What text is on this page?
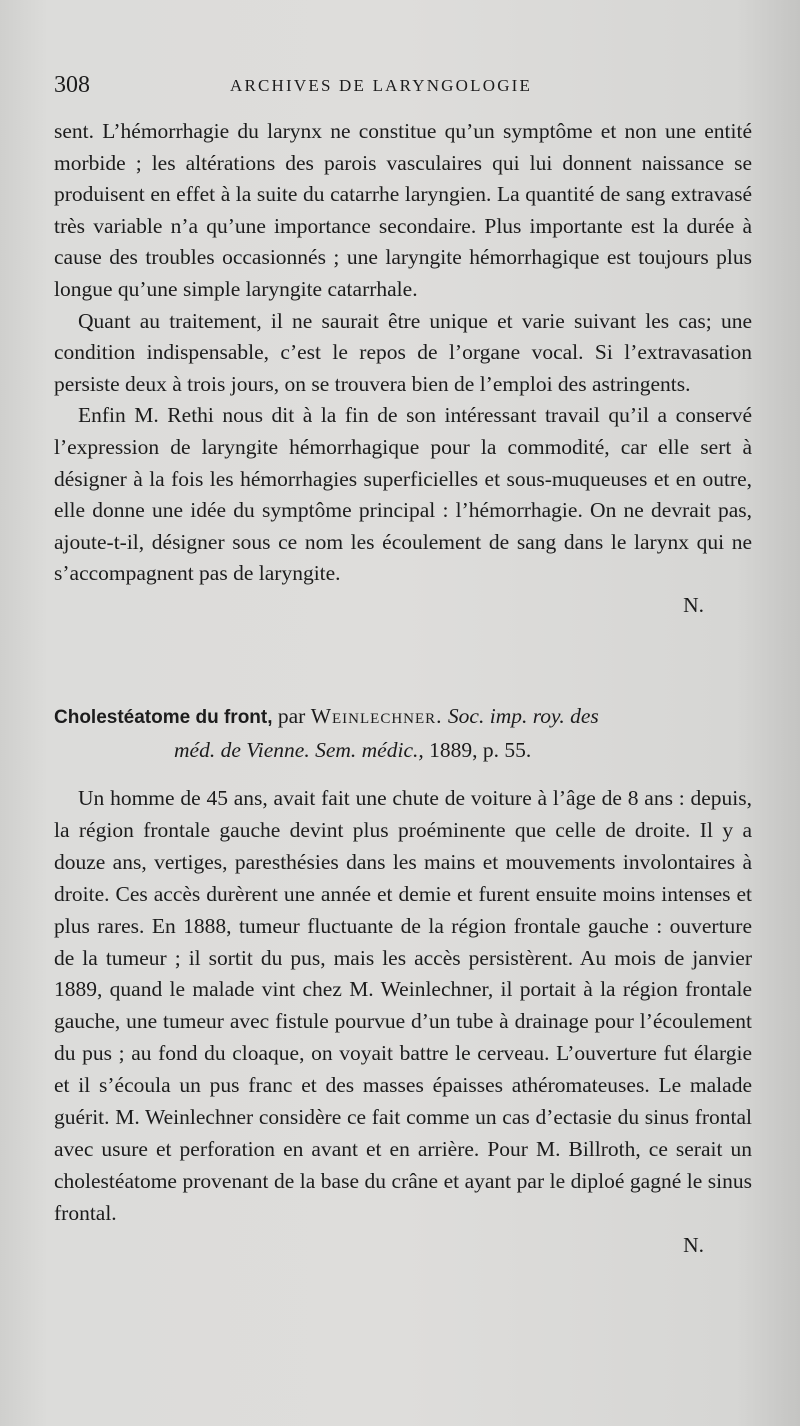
308	ARCHIVES DE LARYNGOLOGIE

sent. L’hémorrhagie du larynx ne constitue qu’un symptôme et non une entité morbide ; les altérations des parois vasculaires qui lui donnent naissance se produisent en effet à la suite du catarrhe laryngien. La quantité de sang extravasé très variable n’a qu’une importance secondaire. Plus importante est la durée à cause des troubles occasionnés ; une laryngite hémorrhagique est toujours plus longue qu’une simple laryngite catarrhale.

Quant au traitement, il ne saurait être unique et varie suivant les cas; une condition indispensable, c’est le repos de l’organe vocal. Si l’extravasation persiste deux à trois jours, on se trouvera bien de l’emploi des astringents.

Enfin M. Rethi nous dit à la fin de son intéressant travail qu’il a conservé l’expression de laryngite hémorrhagique pour la commodité, car elle sert à désigner à la fois les hémorrhagies superficielles et sous-muqueuses et en outre, elle donne une idée du symptôme principal : l’hémorrhagie. On ne devrait pas, ajoute-t-il, désigner sous ce nom les écoulement de sang dans le larynx qui ne s’accompagnent pas de laryngite.

N.

Cholestéatome du front, par Weinlechner. Soc. imp. roy. des
méd. de Vienne. Sem. médic., 1889, p. 55.

Un homme de 45 ans, avait fait une chute de voiture à l’âge de 8 ans : depuis, la région frontale gauche devint plus proéminente que celle de droite. Il y a douze ans, vertiges, paresthésies dans les mains et mouvements involontaires à droite. Ces accès durèrent une année et demie et furent ensuite moins intenses et plus rares. En 1888, tumeur fluctuante de la région frontale gauche : ouverture de la tumeur ; il sortit du pus, mais les accès persistèrent. Au mois de janvier 1889, quand le malade vint chez M. Weinlechner, il portait à la région frontale gauche, une tumeur avec fistule pourvue d’un tube à drainage pour l’écoulement du pus ; au fond du cloaque, on voyait battre le cerveau. L’ouverture fut élargie et il s’écoula un pus franc et des masses épaisses athéromateuses. Le malade guérit. M. Weinlechner considère ce fait comme un cas d’ectasie du sinus frontal avec usure et perforation en avant et en arrière. Pour M. Billroth, ce serait un cholestéatome provenant de la base du crâne et ayant par le diploé gagné le sinus frontal.

N.
